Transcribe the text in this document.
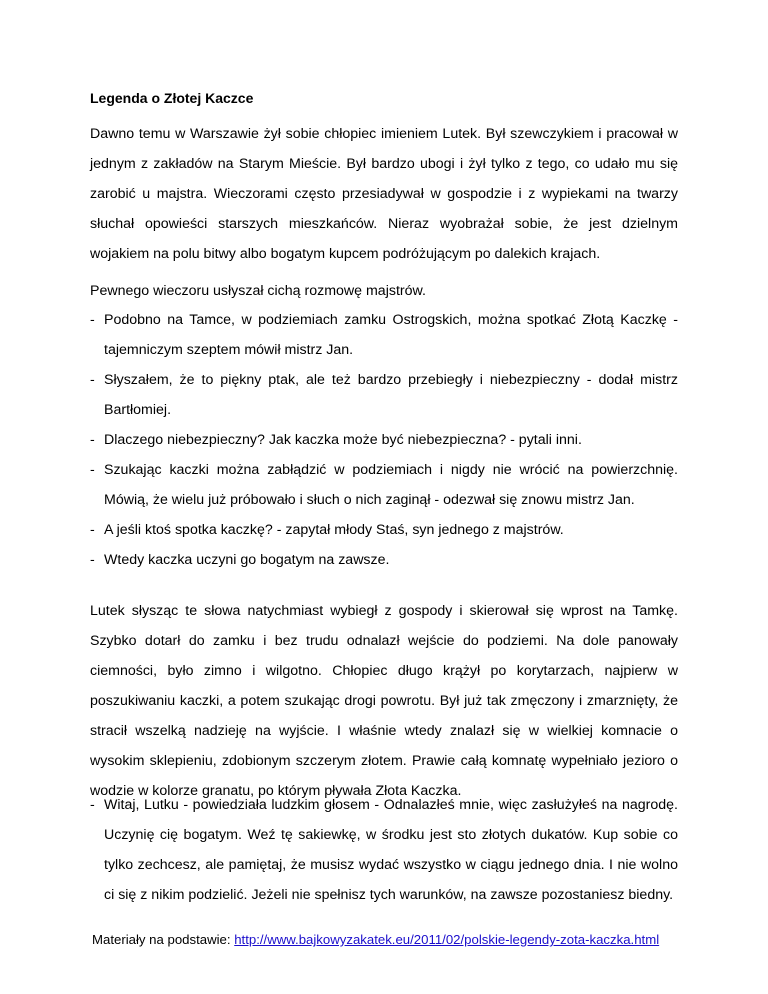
Legenda o Złotej Kaczce

Dawno temu w Warszawie żył sobie chłopiec imieniem Lutek. Był szewczykiem i pracował w jednym z zakładów na Starym Mieście. Był bardzo ubogi i żył tylko z tego, co udało mu się zarobić u majstra. Wieczorami często przesiadywał w gospodzie i z wypiekami na twarzy słuchał opowieści starszych mieszkańców. Nieraz wyobrażał sobie, że jest dzielnym wojakiem na polu bitwy albo bogatym kupcem podróżującym po dalekich krajach.

Pewnego wieczoru usłyszał cichą rozmowę majstrów.
- Podobno na Tamce, w podziemiach zamku Ostrogskich, można spotkać Złotą Kaczkę - tajemniczym szeptem mówił mistrz Jan.
- Słyszałem, że to piękny ptak, ale też bardzo przebiegły i niebezpieczny - dodał mistrz Bartłomiej.
- Dlaczego niebezpieczny? Jak kaczka może być niebezpieczna? - pytali inni.
- Szukając kaczki można zabłądzić w podziemiach i nigdy nie wrócić na powierzchnię. Mówią, że wielu już próbowało i słuch o nich zaginął - odezwał się znowu mistrz Jan.
- A jeśli ktoś spotka kaczkę? - zapytał młody Staś, syn jednego z majstrów.
- Wtedy kaczka uczyni go bogatym na zawsze.

Lutek słysząc te słowa natychmiast wybiegł z gospody i skierował się wprost na Tamkę. Szybko dotarł do zamku i bez trudu odnalazł wejście do podziemi. Na dole panowały ciemności, było zimno i wilgotno. Chłopiec długo krążył po korytarzach, najpierw w poszukiwaniu kaczki, a potem szukając drogi powrotu. Był już tak zmęczony i zmarznięty, że stracił wszelką nadzieję na wyjście. I właśnie wtedy znalazł się w wielkiej komnacie o wysokim sklepieniu, zdobionym szczerym złotem. Prawie całą komnatę wypełniało jezioro o wodzie w kolorze granatu, po którym pływała Złota Kaczka.

- Witaj, Lutku - powiedziała ludzkim głosem - Odnalazłeś mnie, więc zasłużyłeś na nagrodę. Uczynię cię bogatym. Weź tę sakiewkę, w środku jest sto złotych dukatów. Kup sobie co tylko zechcesz, ale pamiętaj, że musisz wydać wszystko w ciągu jednego dnia. I nie wolno ci się z nikim podzielić. Jeżeli nie spełnisz tych warunków, na zawsze pozostaniesz biedny.
Materiały na podstawie: http://www.bajkowyzakatek.eu/2011/02/polskie-legendy-zota-kaczka.html
